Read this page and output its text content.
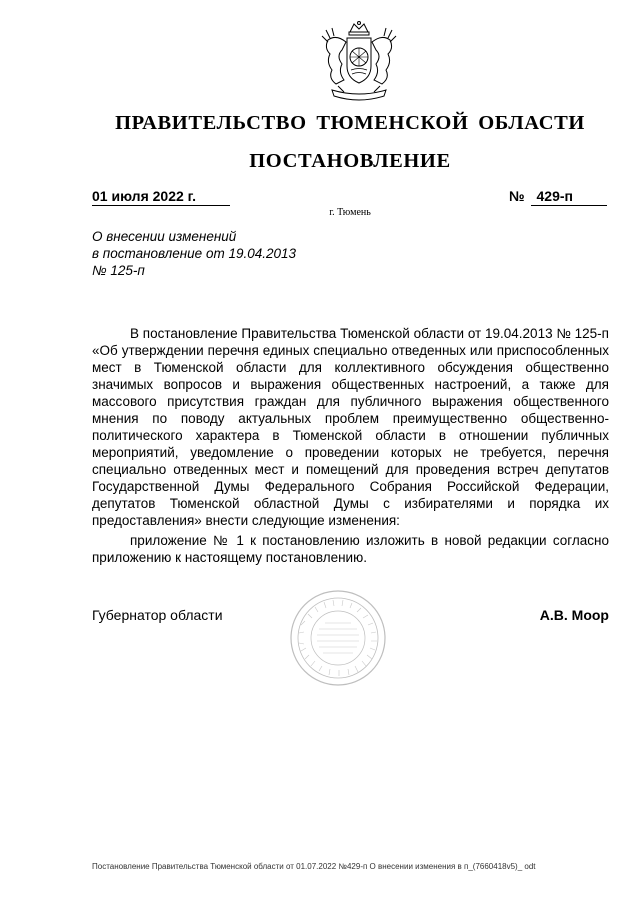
ПРАВИТЕЛЬСТВО ТЮМЕНСКОЙ ОБЛАСТИ
ПОСТАНОВЛЕНИЕ
01 июля 2022 г.	№ 429-п
г. Тюмень
О внесении изменений
в постановление от 19.04.2013
№ 125-п

В постановление Правительства Тюменской области от 19.04.2013 № 125-п «Об утверждении перечня единых специально отведенных или приспособленных мест в Тюменской области для коллективного обсуждения общественно значимых вопросов и выражения общественных настроений, а также для массового присутствия граждан для публичного выражения общественного мнения по поводу актуальных проблем преимущественно общественно-политического характера в Тюменской области в отношении публичных мероприятий, уведомление о проведении которых не требуется, перечня специально отведенных мест и помещений для проведения встреч депутатов Государственной Думы Федерального Собрания Российской Федерации, депутатов Тюменской областной Думы с избирателями и порядка их предоставления» внести следующие изменения:

приложение № 1 к постановлению изложить в новой редакции согласно приложению к настоящему постановлению.

Губернатор области	А.В. Моор
Постановление Правительства Тюменской области от 01.07.2022 №429-п О внесении изменения в п_(7660418v5)_ odt
